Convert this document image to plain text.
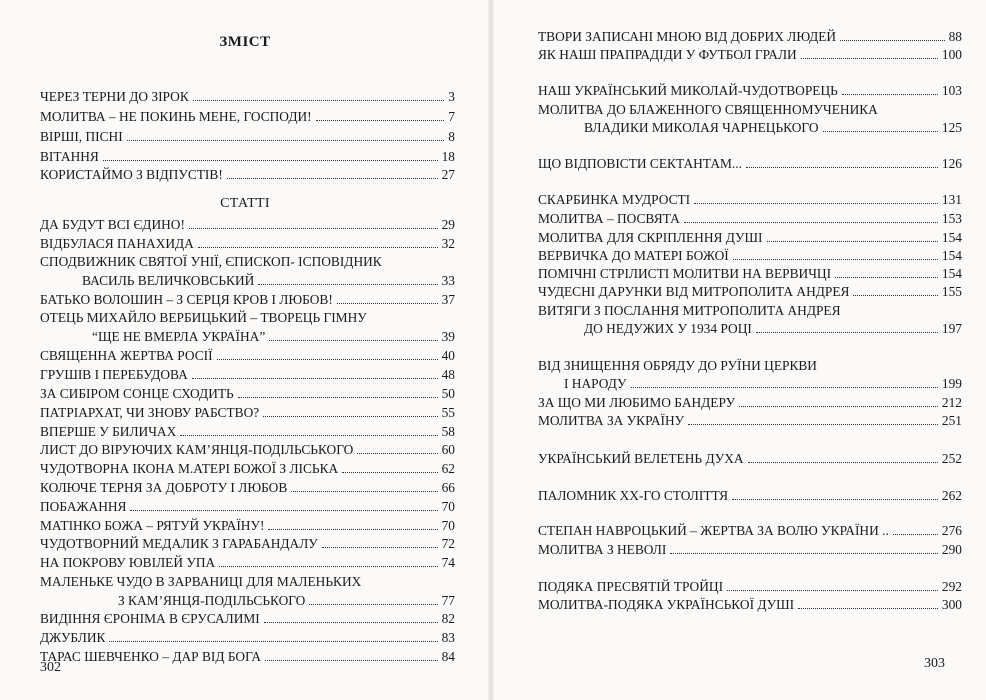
ЗМІСТ
ЧЕРЕЗ ТЕРНИ ДО ЗІРОК	3
МОЛИТВА – НЕ ПОКИНЬ МЕНЕ, ГОСПОДИ!	7
ВІРШІ, ПІСНІ	8
ВІТАННЯ	18
КОРИСТАЙМО З ВІДПУСТІВ!	27
СТАТТІ
ДА БУДУТ ВСІ ЄДИНО!	29
ВІДБУЛАСЯ ПАНАХИДА	32
СПОДВИЖНИК СВЯТОЇ УНІЇ, ЄПИСКОП- ІСПОВІДНИК
ВАСИЛЬ ВЕЛИЧКОВСЬКИЙ	33
БАТЬКО ВОЛОШИН – З СЕРЦЯ КРОВ І ЛЮБОВ!	37
ОТЕЦЬ МИХАЙЛО ВЕРБИЦЬКИЙ – ТВОРЕЦЬ ГІМНУ
“ЩЕ НЕ ВМЕРЛА УКРАЇНА”	39
СВЯЩЕННА ЖЕРТВА РОСІЇ	40
ГРУШІВ І ПЕРЕБУДОВА	48
ЗА СИБІРОМ СОНЦЕ СХОДИТЬ	50
ПАТРІАРХАТ, ЧИ ЗНОВУ РАБСТВО?	55
ВПЕРШЕ У БИЛИЧАХ	58
ЛИСТ ДО ВІРУЮЧИХ КАМ’ЯНЦЯ-ПОДІЛЬСЬКОГО	60
ЧУДОТВОРНА ІКОНА М.АТЕРІ БОЖОЇ З ЛІСЬКА	62
КОЛЮЧЕ ТЕРНЯ ЗА ДОБРОТУ І ЛЮБОВ	66
ПОБАЖАННЯ	70
МАТІНКО БОЖА – РЯТУЙ УКРАЇНУ!	70
ЧУДОТВОРНИЙ МЕДАЛИК З ГАРАБАНДАЛУ	72
НА ПОКРОВУ ЮВІЛЕЙ УПА	74
МАЛЕНЬКЕ ЧУДО В ЗАРВАНИЦІ ДЛЯ МАЛЕНЬКИХ
З КАМ’ЯНЦЯ-ПОДІЛЬСЬКОГО	77
ВИДІННЯ ЄРОНІМА В ЄРУСАЛИМІ	82
ДЖУБЛИК	83
ТАРАС ШЕВЧЕНКО – ДАР ВІД БОГА	84
302
ТВОРИ ЗАПИСАНІ МНОЮ ВІД ДОБРИХ ЛЮДЕЙ	88
ЯК НАШІ ПРАПРАДІДИ У ФУТБОЛ ГРАЛИ	100
НАШ УКРАЇНСЬКИЙ МИКОЛАЙ-ЧУДОТВОРЕЦЬ	103
МОЛИТВА ДО БЛАЖЕННОГО СВЯЩЕННОМУЧЕНИКА
ВЛАДИКИ МИКОЛАЯ ЧАРНЕЦЬКОГО	125
ЩО ВІДПОВІСТИ СЕКТАНТАМ...	126
СКАРБИНКА МУДРОСТІ	131
МОЛИТВА – ПОСВЯТА	153
МОЛИТВА ДЛЯ СКРІПЛЕННЯ ДУШІ	154
ВЕРВИЧКА ДО МАТЕРІ БОЖОЇ	154
ПОМІЧНІ СТРІЛИСТІ МОЛИТВИ НА ВЕРВИЧЦІ	154
ЧУДЕСНІ ДАРУНКИ ВІД МИТРОПОЛИТА АНДРЕЯ	155
ВИТЯГИ З ПОСЛАННЯ МИТРОПОЛИТА АНДРЕЯ
ДО НЕДУЖИХ У 1934 РОЦІ	197
ВІД ЗНИЩЕННЯ ОБРЯДУ ДО РУЇНИ ЦЕРКВИ
І НАРОДУ	199
ЗА ЩО МИ ЛЮБИМО БАНДЕРУ	212
МОЛИТВА ЗА УКРАЇНУ	251
УКРАЇНСЬКИЙ ВЕЛЕТЕНЬ ДУХА	252
ПАЛОМНИК XX-ГО СТОЛІТТЯ	262
СТЕПАН НАВРОЦЬКИЙ – ЖЕРТВА ЗА ВОЛЮ УКРАЇНИ ..	276
МОЛИТВА З НЕВОЛІ	290
ПОДЯКА ПРЕСВЯТІЙ ТРОЙЦІ	292
МОЛИТВА-ПОДЯКА УКРАЇНСЬКОЇ ДУШІ	300
303
